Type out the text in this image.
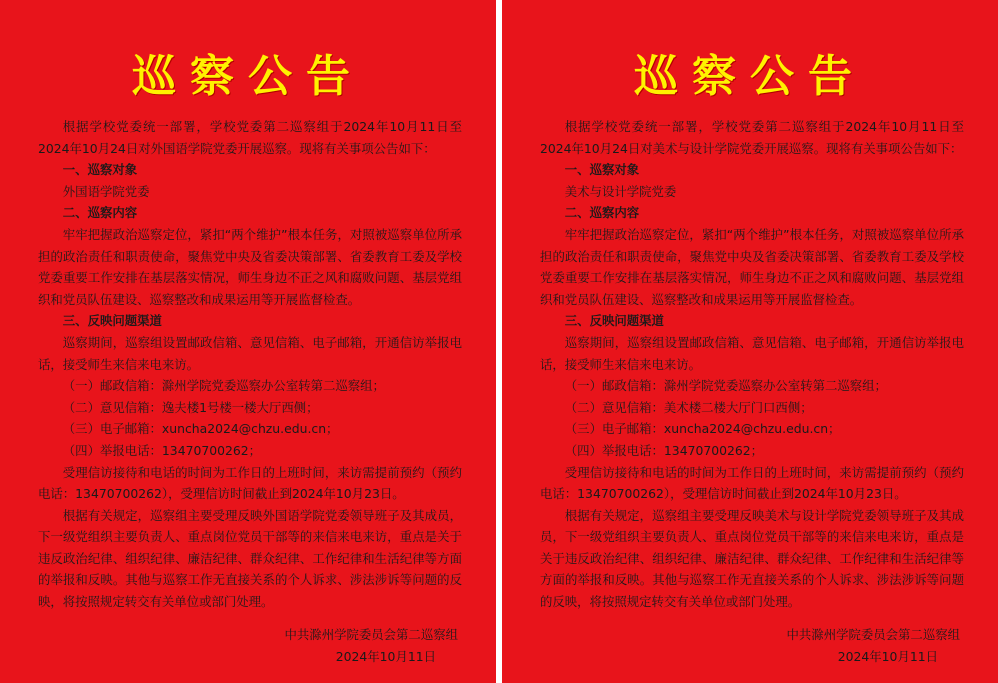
巡察公告

根据学校党委统一部署，学校党委第二巡察组于2024年10月11日至2024年10月24日对外国语学院党委开展巡察。现将有关事项公告如下：

一、巡察对象

外国语学院党委

二、巡察内容

牢牢把握政治巡察定位，紧扣“两个维护”根本任务，对照被巡察单位所承担的政治责任和职责使命，聚焦党中央及省委决策部署、省委教育工委及学校党委重要工作安排在基层落实情况，师生身边不正之风和腐败问题、基层党组织和党员队伍建设、巡察整改和成果运用等开展监督检查。

三、反映问题渠道

巡察期间，巡察组设置邮政信箱、意见信箱、电子邮箱，开通信访举报电话，接受师生来信来电来访。

（一）邮政信箱：滁州学院党委巡察办公室转第二巡察组；

（二）意见信箱：逸夫楼1号楼一楼大厅西侧；

（三）电子邮箱：xuncha2024@chzu.edu.cn；

（四）举报电话：13470700262；

受理信访接待和电话的时间为工作日的上班时间，来访需提前预约（预约电话：13470700262），受理信访时间截止到2024年10月23日。

根据有关规定，巡察组主要受理反映外国语学院党委领导班子及其成员，下一级党组织主要负责人、重点岗位党员干部等的来信来电来访，重点是关于违反政治纪律、组织纪律、廉洁纪律、群众纪律、工作纪律和生活纪律等方面的举报和反映。其他与巡察工作无直接关系的个人诉求、涉法涉诉等问题的反映，将按照规定转交有关单位或部门处理。

中共滁州学院委员会第二巡察组
2024年10月11日
巡察公告

根据学校党委统一部署，学校党委第二巡察组于2024年10月11日至2024年10月24日对美术与设计学院党委开展巡察。现将有关事项公告如下：

一、巡察对象

美术与设计学院党委

二、巡察内容

牢牢把握政治巡察定位，紧扣“两个维护”根本任务，对照被巡察单位所承担的政治责任和职责使命，聚焦党中央及省委决策部署、省委教育工委及学校党委重要工作安排在基层落实情况，师生身边不正之风和腐败问题、基层党组织和党员队伍建设、巡察整改和成果运用等开展监督检查。

三、反映问题渠道

巡察期间，巡察组设置邮政信箱、意见信箱、电子邮箱，开通信访举报电话，接受师生来信来电来访。

（一）邮政信箱：滁州学院党委巡察办公室转第二巡察组；

（二）意见信箱：美术楼二楼大厅门口西侧；

（三）电子邮箱：xuncha2024@chzu.edu.cn；

（四）举报电话：13470700262；

受理信访接待和电话的时间为工作日的上班时间，来访需提前预约（预约电话：13470700262），受理信访时间截止到2024年10月23日。

根据有关规定，巡察组主要受理反映美术与设计学院党委领导班子及其成员，下一级党组织主要负责人、重点岗位党员干部等的来信来电来访，重点是关于违反政治纪律、组织纪律、廉洁纪律、群众纪律、工作纪律和生活纪律等方面的举报和反映。其他与巡察工作无直接关系的个人诉求、涉法涉诉等问题的反映，将按照规定转交有关单位或部门处理。

中共滁州学院委员会第二巡察组
2024年10月11日
